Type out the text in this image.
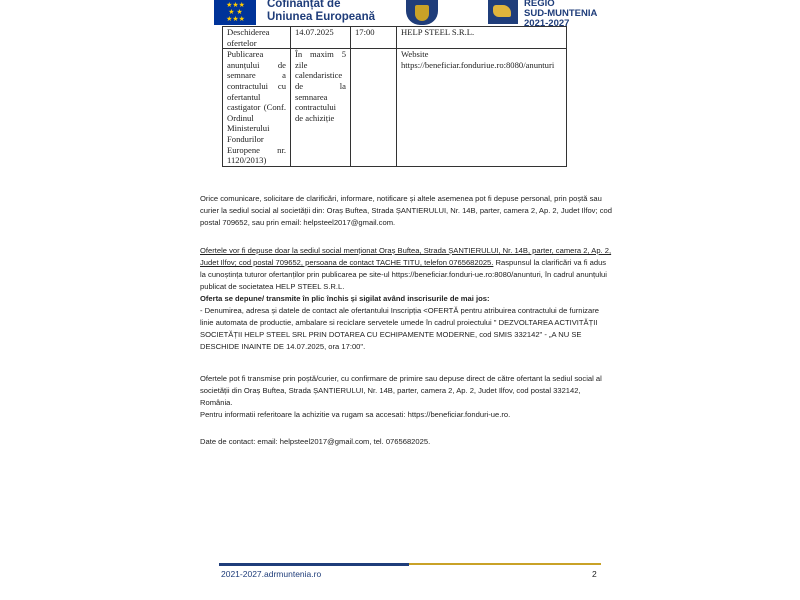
★ ★ ★
★   ★
★ ★ ★
Cofinanțat de
Uniunea Europeană
REGIO
SUD-MUNTENIA
2021-2027
Deschiderea ofertelor	14.07.2025	17:00	HELP STEEL S.R.L.
Publicarea anunțului de semnare a contractului cu ofertantul castigator (Conf. Ordinul Ministerului Fondurilor Europene nr. 1120/2013)	În maxim 5 zile calendaristice de la semnarea contractului de achiziție		Website https://beneficiar.fonduriue.ro:8080/anunturi
Orice comunicare, solicitare de clarificări, informare, notificare și altele asemenea pot fi depuse personal, prin poștă sau curier la sediul social al societății din: Oraș Buftea, Strada ȘANTIERULUI, Nr. 14B, parter, camera 2, Ap. 2, Judet Ilfov; cod postal 709652, sau prin email: helpsteel2017@gmail.com.
Ofertele vor fi depuse doar la sediul social menționat Oraș Buftea, Strada ȘANTIERULUI, Nr. 14B, parter, camera 2, Ap. 2, Judet Ilfov; cod postal 709652, persoana de contact TACHE TITU, telefon 0765682025. Raspunsul la clarificări va fi adus la cunoștința tuturor ofertanților prin publicarea pe site-ul https://beneficiar.fonduri-ue.ro:8080/anunturi, în cadrul anunțului publicat de societatea HELP STEEL S.R.L.
Oferta se depune/ transmite în plic închis și sigilat având inscrisurile de mai jos:
- Denumirea, adresa și datele de contact ale ofertantului Inscripția <OFERTĂ pentru atribuirea contractului de furnizare linie automata de productie, ambalare si reciclare servetele umede în cadrul proiectului " DEZVOLTAREA ACTIVITĂȚII SOCIETĂȚII HELP STEEL SRL PRIN DOTAREA CU ECHIPAMENTE MODERNE, cod SMIS 332142" - „A NU SE DESCHIDE INAINTE DE 14.07.2025, ora 17:00".
Ofertele pot fi transmise prin poștă/curier, cu confirmare de primire sau depuse direct de către ofertant la sediul social al societății din Oraș Buftea, Strada ȘANTIERULUI, Nr. 14B, parter, camera 2, Ap. 2, Judet Ilfov, cod postal 332142, România.
Pentru informatii referitoare la achizitie va rugam sa accesati: https://beneficiar.fonduri-ue.ro.
Date de contact: email: helpsteel2017@gmail.com, tel. 0765682025.
2021-2027.adrmuntenia.ro	2
